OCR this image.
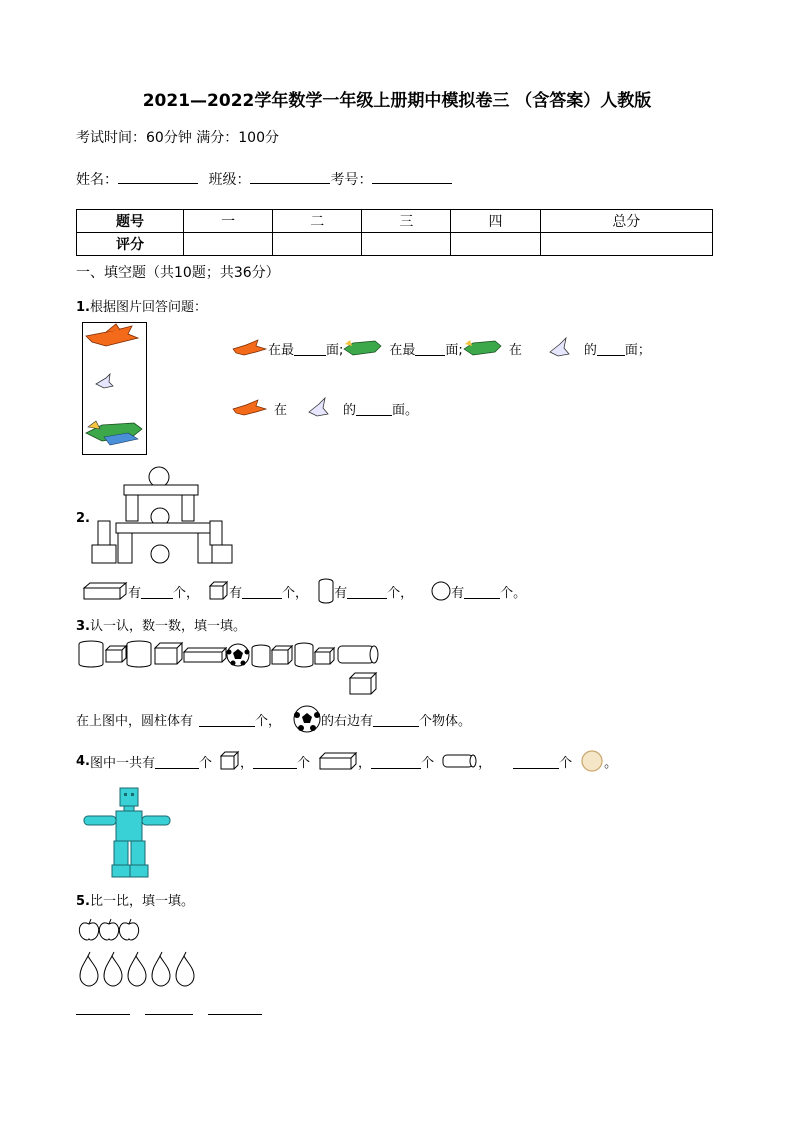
2021—2022学年数学一年级上册期中模拟卷三 （含答案）人教版
考试时间：60分钟 满分：100分
姓名：	班级：	考号：
题号	一	二	三	四	总分
评分					
一、填空题（共10题；共36分）
1.根据图片回答问题：
在最 面;	在最 面;	在	的 面；
在	的	面。
2.
有 个， 有	个， 有	个，	有	个。
3.认一认，数一数，填一填。
在上图中，圆柱体有	个，	的右边有	个物体。
4. 图中一共有	个 ，	个	，	个	，	个 。
5.比一比，填一填。
